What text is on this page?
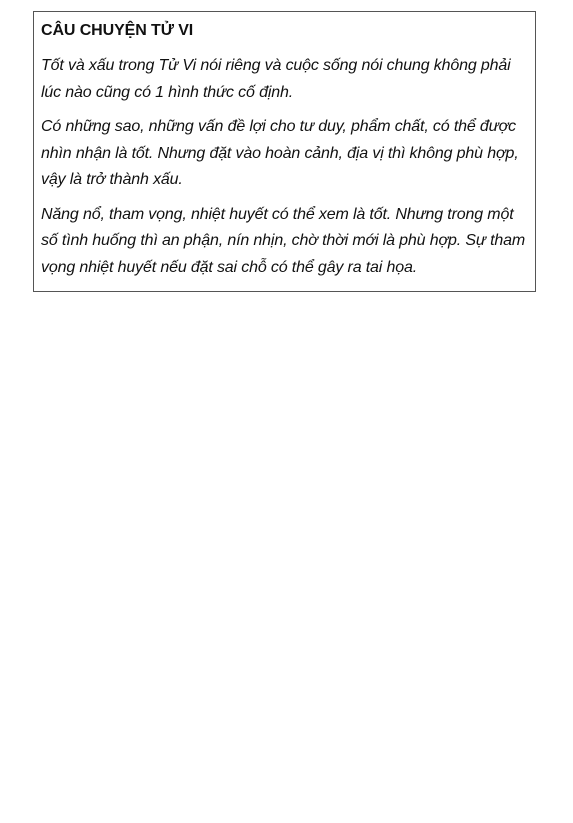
CÂU CHUYỆN TỬ VI

Tốt và xấu trong Tử Vi nói riêng và cuộc sống nói chung không phải lúc nào cũng có 1 hình thức cố định.

Có những sao, những vấn đề lợi cho tư duy, phẩm chất, có thể được nhìn nhận là tốt. Nhưng đặt vào hoàn cảnh, địa vị thì không phù hợp, vậy là trở thành xấu.

Năng nổ, tham vọng, nhiệt huyết có thể xem là tốt. Nhưng trong một số tình huống thì an phận, nín nhịn, chờ thời mới là phù hợp. Sự tham vọng nhiệt huyết nếu đặt sai chỗ có thể gây ra tai họa.
